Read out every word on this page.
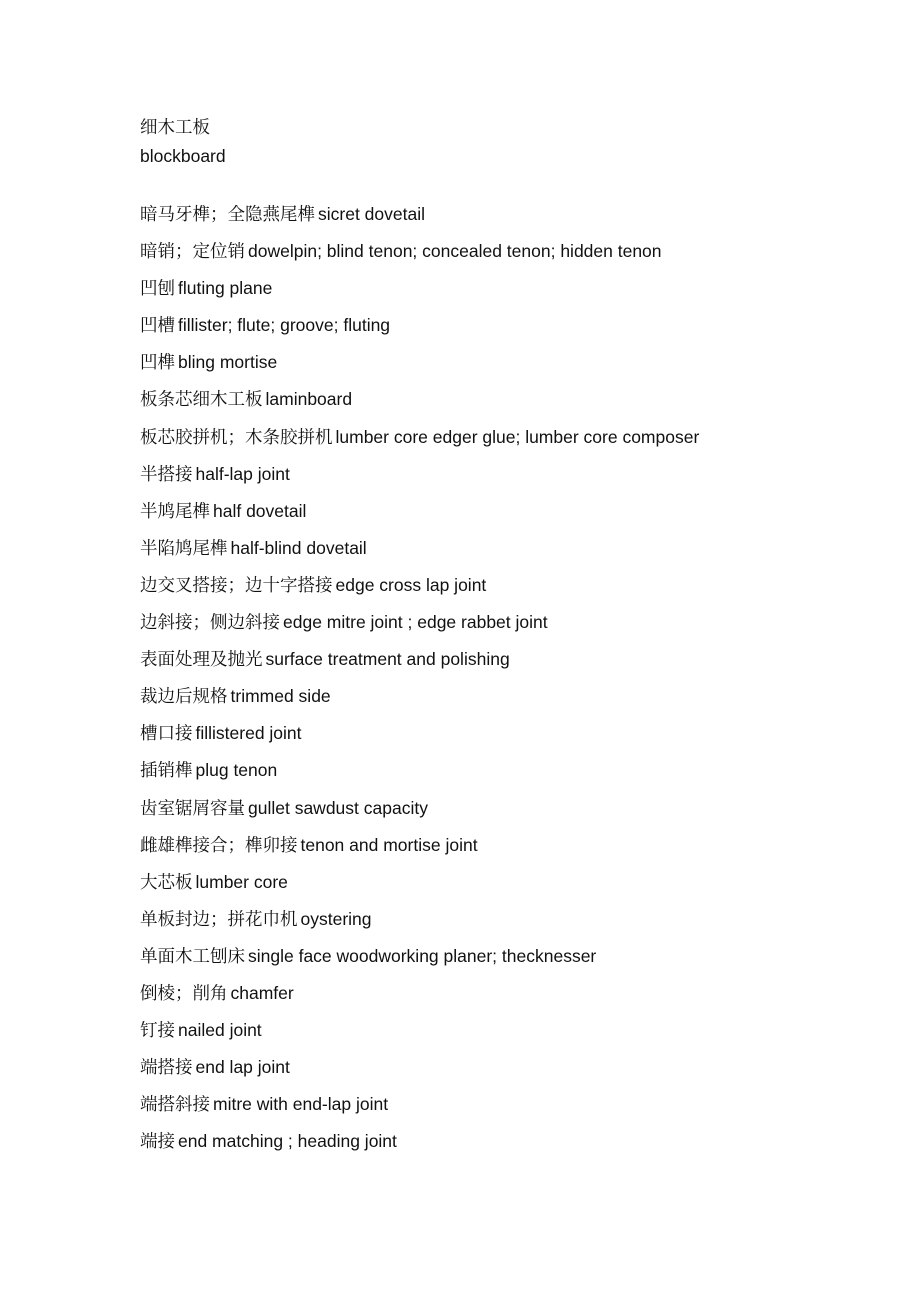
细木工板
blockboard
暗马牙榫；全隐燕尾榫 sicret dovetail
暗销；定位销 dowelpin; blind tenon; concealed tenon; hidden tenon
凹刨 fluting plane
凹槽 fillister; flute; groove; fluting
凹榫 bling mortise
板条芯细木工板 laminboard
板芯胶拼机；木条胶拼机 lumber core edger glue; lumber core composer
半搭接 half-lap joint
半鸠尾榫 half dovetail
半陷鸠尾榫 half-blind dovetail
边交叉搭接；边十字搭接 edge cross lap joint
边斜接；侧边斜接 edge mitre joint ; edge rabbet joint
表面处理及抛光 surface treatment and polishing
裁边后规格 trimmed side
槽口接 fillistered joint
插销榫 plug tenon
齿室锯屑容量 gullet sawdust capacity
雌雄榫接合；榫卯接 tenon and mortise joint
大芯板 lumber core
单板封边；拼花巾机 oystering
单面木工刨床 single face woodworking planer; thecknesser
倒棱；削角 chamfer
钉接 nailed joint
端搭接 end lap joint
端搭斜接 mitre with end-lap joint
端接 end matching ; heading joint
